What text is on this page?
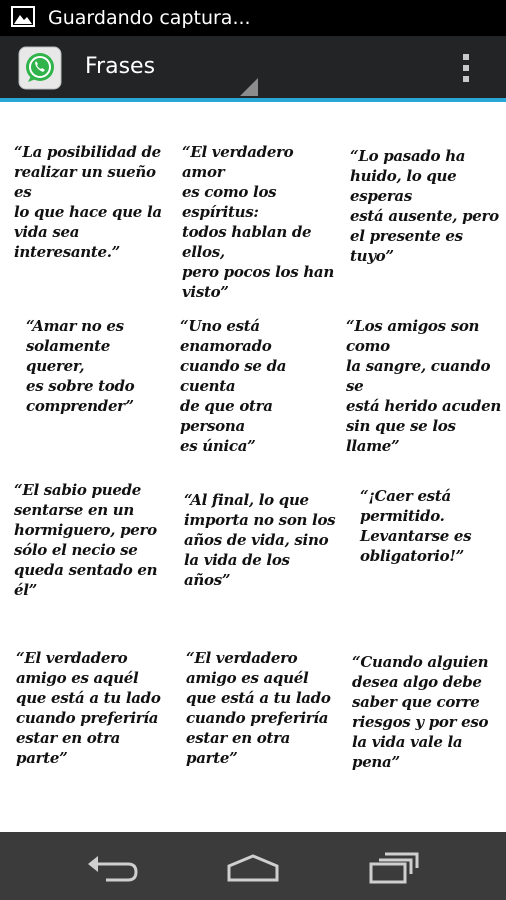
Guardando captura...
Frases
“La posibilidad de
realizar un sueño es
lo que hace que la
vida sea interesante.”
“El verdadero amor
es como los espíritus:
todos hablan de ellos,
pero pocos los han
visto”
“Lo pasado ha
huido, lo que esperas
está ausente, pero
el presente es tuyo”
“Amar no es
solamente querer,
es sobre todo
comprender”
“Uno está enamorado
cuando se da cuenta
de que otra persona
es única”
“Los amigos son como
la sangre, cuando se
está herido acuden
sin que se los llame”
“El sabio puede
sentarse en un
hormiguero, pero
sólo el necio se
queda sentado en él”
“Al final, lo que
importa no son los
años de vida, sino
la vida de los años”
“¡Caer está
permitido.
Levantarse es
obligatorio!”
“El verdadero
amigo es aquél
que está a tu lado
cuando preferiría
estar en otra parte”
“El verdadero
amigo es aquél
que está a tu lado
cuando preferiría
estar en otra parte”
“Cuando alguien
desea algo debe
saber que corre
riesgos y por eso
la vida vale la pena”
